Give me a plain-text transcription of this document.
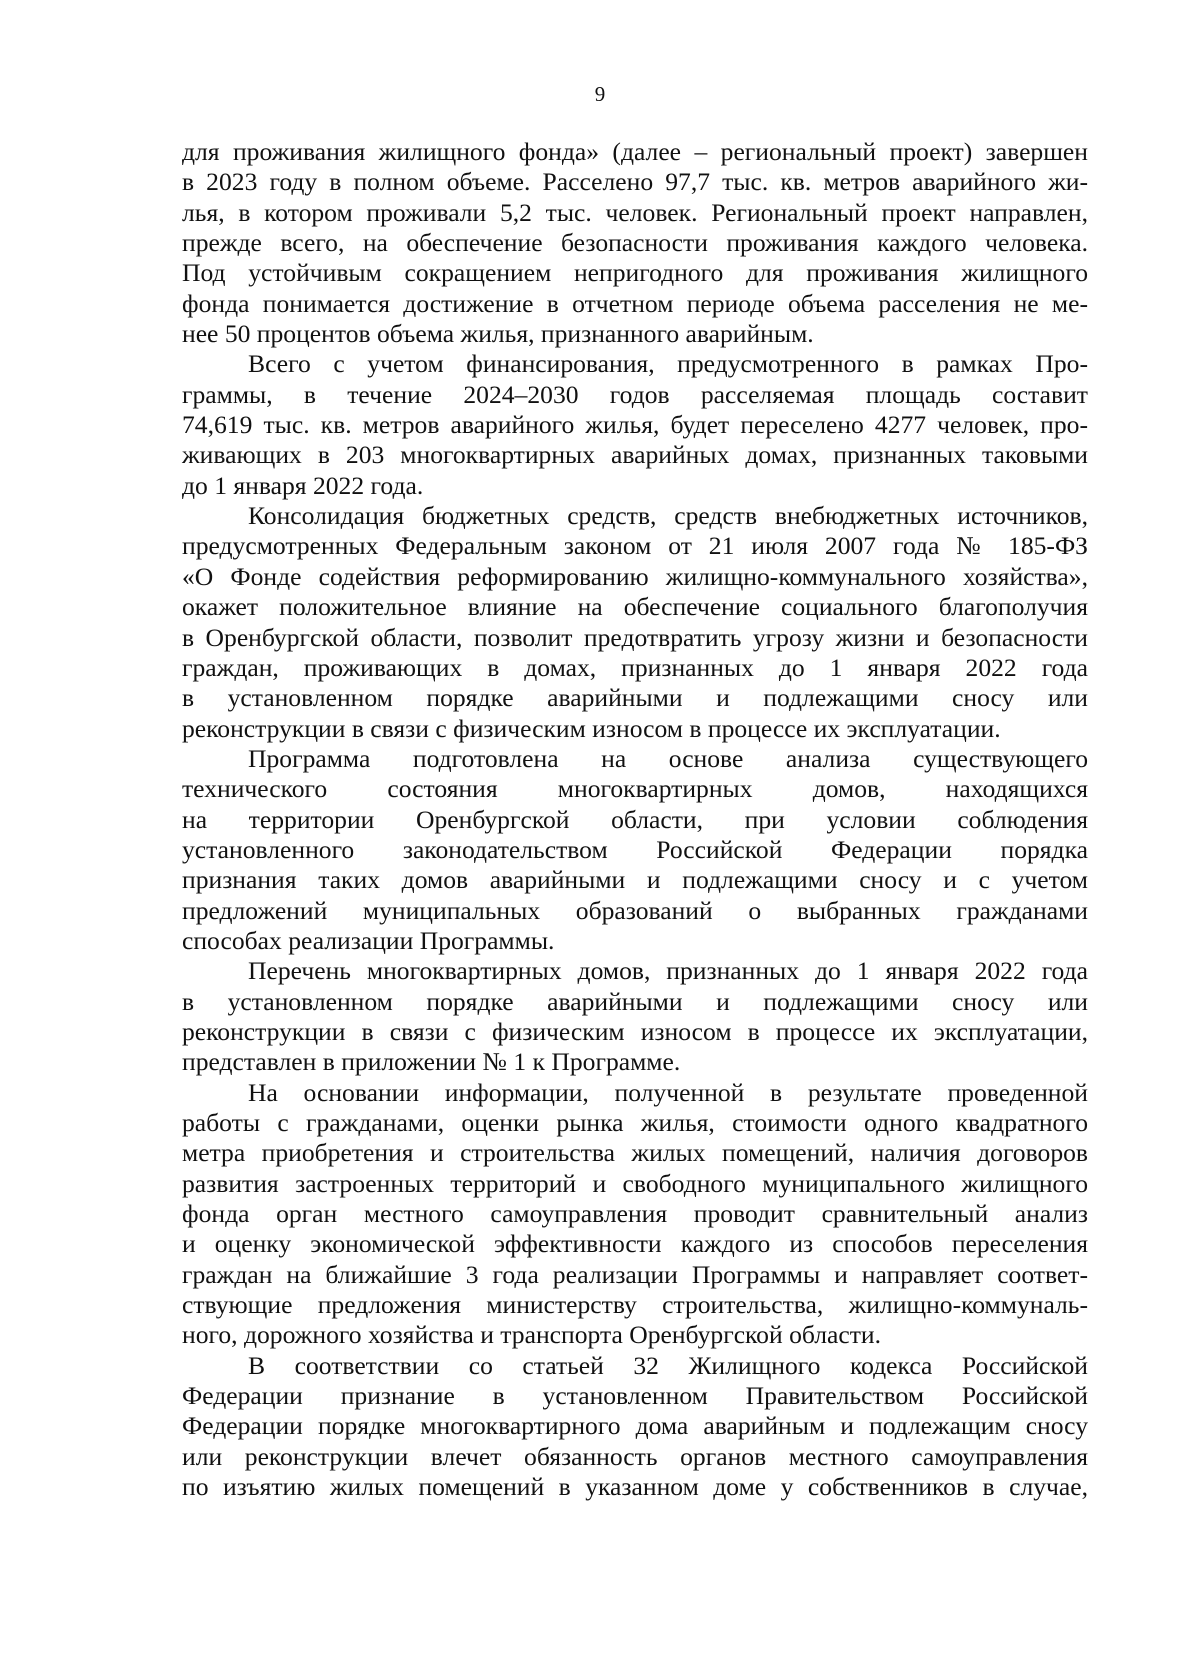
9
для проживания жилищного фонда» (далее – региональный проект) завершен
в 2023 году в полном объеме. Расселено 97,7 тыс. кв. метров аварийного жи-
лья, в котором проживали 5,2 тыс. человек. Региональный проект направлен,
прежде всего, на обеспечение безопасности проживания каждого человека.
Под устойчивым сокращением непригодного для проживания жилищного
фонда понимается достижение в отчетном периоде объема расселения не ме-
нее 50 процентов объема жилья, признанного аварийным.
Всего с учетом финансирования, предусмотренного в рамках Про-
граммы, в течение 2024–2030 годов расселяемая площадь составит
74,619 тыс. кв. метров аварийного жилья, будет переселено 4277 человек, про-
живающих в 203 многоквартирных аварийных домах, признанных таковыми
до 1 января 2022 года.
Консолидация бюджетных средств, средств внебюджетных источников,
предусмотренных Федеральным законом от 21 июля 2007 года № 185-ФЗ
«О Фонде содействия реформированию жилищно-коммунального хозяйства»,
окажет положительное влияние на обеспечение социального благополучия
в Оренбургской области, позволит предотвратить угрозу жизни и безопасности
граждан, проживающих в домах, признанных до 1 января 2022 года
в установленном порядке аварийными и подлежащими сносу или
реконструкции в связи с физическим износом в процессе их эксплуатации.
Программа подготовлена на основе анализа существующего
технического состояния многоквартирных домов, находящихся
на территории Оренбургской области, при условии соблюдения
установленного законодательством Российской Федерации порядка
признания таких домов аварийными и подлежащими сносу и с учетом
предложений муниципальных образований о выбранных гражданами
способах реализации Программы.
Перечень многоквартирных домов, признанных до 1 января 2022 года
в установленном порядке аварийными и подлежащими сносу или
реконструкции в связи с физическим износом в процессе их эксплуатации,
представлен в приложении № 1 к Программе.
На основании информации, полученной в результате проведенной
работы с гражданами, оценки рынка жилья, стоимости одного квадратного
метра приобретения и строительства жилых помещений, наличия договоров
развития застроенных территорий и свободного муниципального жилищного
фонда орган местного самоуправления проводит сравнительный анализ
и оценку экономической эффективности каждого из способов переселения
граждан на ближайшие 3 года реализации Программы и направляет соответ-
ствующие предложения министерству строительства, жилищно-коммуналь-
ного, дорожного хозяйства и транспорта Оренбургской области.
В соответствии со статьей 32 Жилищного кодекса Российской
Федерации признание в установленном Правительством Российской
Федерации порядке многоквартирного дома аварийным и подлежащим сносу
или реконструкции влечет обязанность органов местного самоуправления
по изъятию жилых помещений в указанном доме у собственников в случае,
